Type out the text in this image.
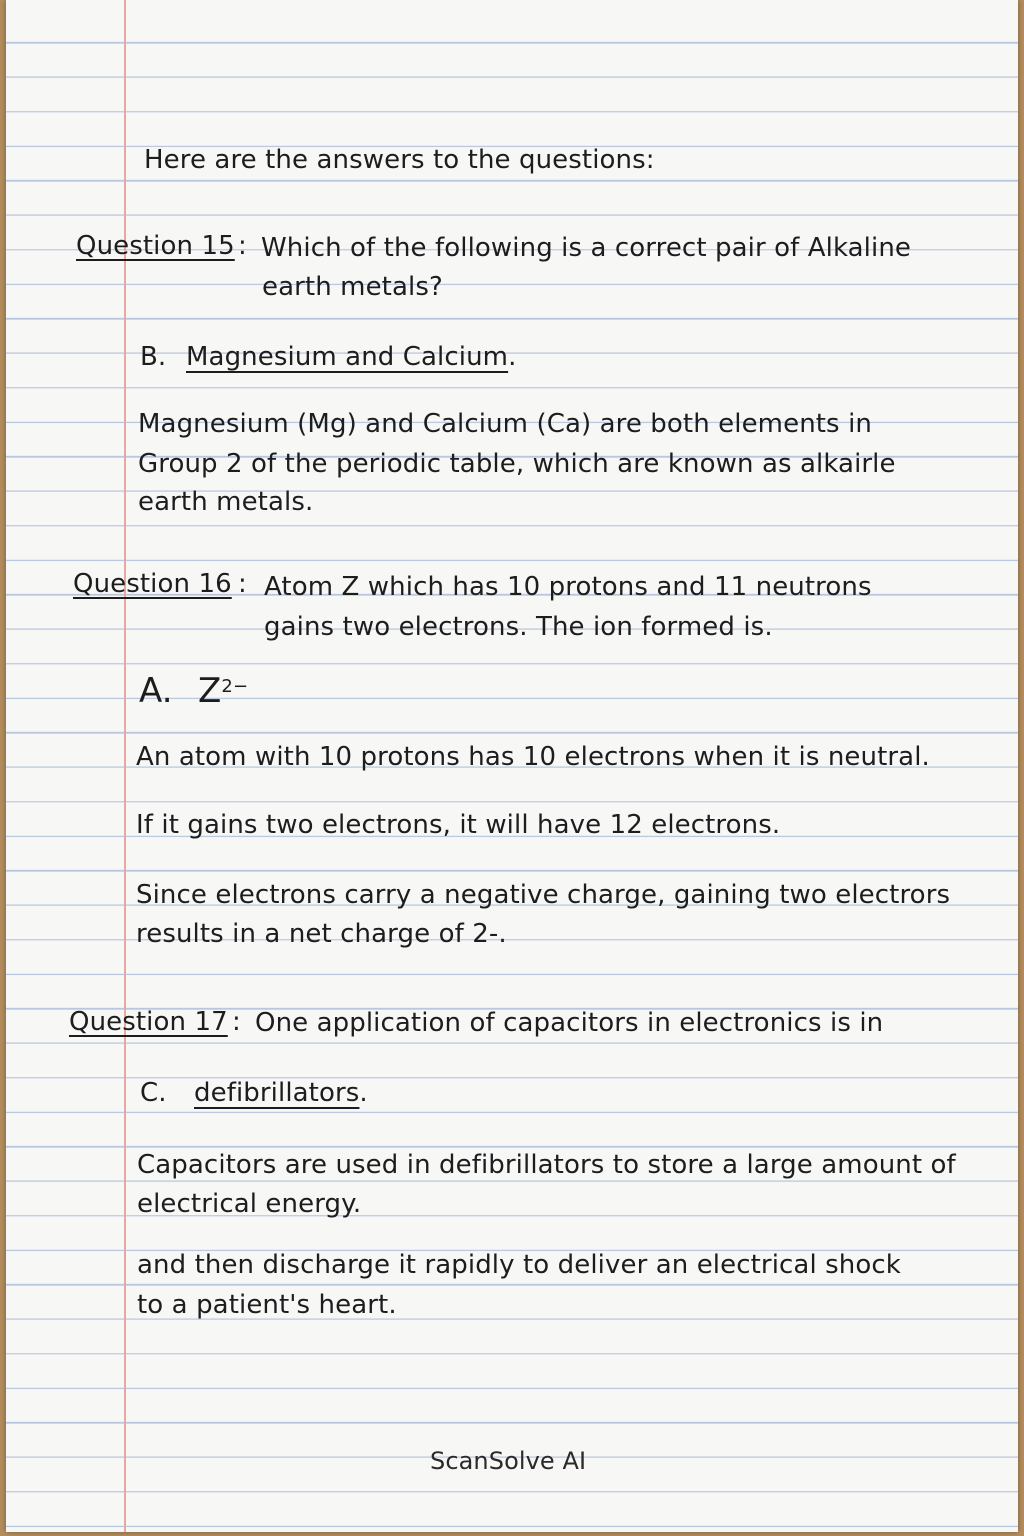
Here are the answers to the questions:
Question 15 : Which of the following is a correct pair of Alkaline
earth metals?
B. Magnesium and Calcium.
Magnesium (Mg) and Calcium (Ca) are both elements in
Group 2 of the periodic table, which are known as alkairle
earth metals.
Question 16 : Atom Z which has 10 protons and 11 neutrons
gains two electrons. The ion formed is.
A. $Z^{2-}$
An atom with 10 protons has 10 electrons when it is neutral.
If it gains two electrons, it will have 12 electrons.
Since electrons carry a negative charge, gaining two electrors
results in a net charge of 2-.
Question 17 : One application of capacitors in electronics is in
C. defibrillators.
Capacitors are used in defibrillators to store a large amount of
electrical energy.
and then discharge it rapidly to deliver an electrical shock
to a patient's heart.
ScanSolve AI
